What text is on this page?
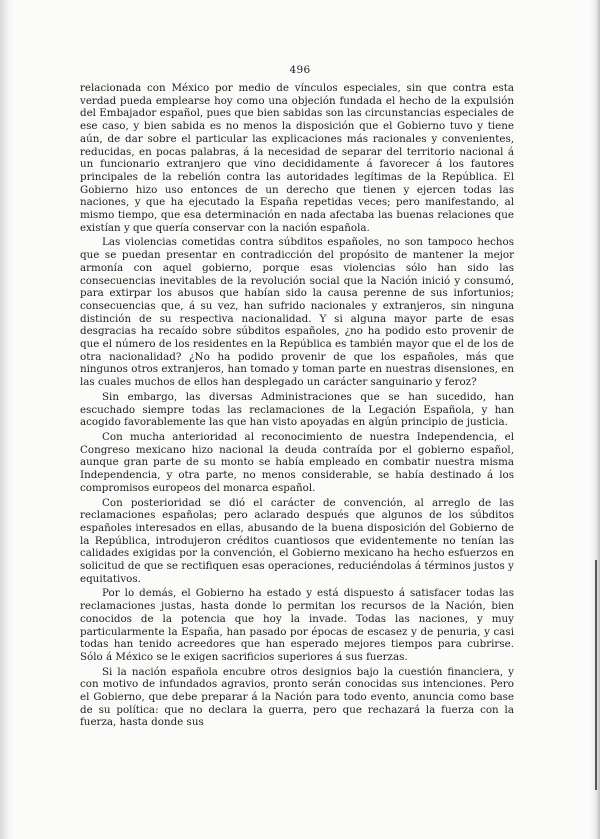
496

relacionada con México por medio de vínculos especiales, sin que contra esta verdad pueda emplearse hoy como una objeción fundada el hecho de la expulsión del Embajador español, pues que bien sabidas son las circunstancias especiales de ese caso, y bien sabida es no menos la disposición que el Gobierno tuvo y tiene aún, de dar sobre el particular las explicaciones más racionales y convenientes, reducidas, en pocas palabras, á la necesidad de separar del territorio nacional á un funcionario extranjero que vino decididamente á favorecer á los fautores principales de la rebelión contra las autoridades legítimas de la República. El Gobierno hizo uso entonces de un derecho que tienen y ejercen todas las naciones, y que ha ejecutado la España repetidas veces; pero manifestando, al mismo tiempo, que esa determinación en nada afectaba las buenas relaciones que existían y que quería conservar con la nación española.

Las violencias cometidas contra súbditos españoles, no son tampoco hechos que se puedan presentar en contradicción del propósito de mantener la mejor armonía con aquel gobierno, porque esas violencias sólo han sido las consecuencias inevitables de la revolución social que la Nación inició y consumó, para extirpar los abusos que habían sido la causa perenne de sus infortunios; consecuencias que, á su vez, han sufrido nacionales y extranjeros, sin ninguna distinción de su respectiva nacionalidad. Y si alguna mayor parte de esas desgracias ha recaído sobre súbditos españoles, ¿no ha podido esto provenir de que el número de los residentes en la República es también mayor que el de los de otra nacionalidad? ¿No ha podido provenir de que los españoles, más que ningunos otros extranjeros, han tomado y toman parte en nuestras disensiones, en las cuales muchos de ellos han desplegado un carácter sanguinario y feroz?

Sin embargo, las diversas Administraciones que se han sucedido, han escuchado siempre todas las reclamaciones de la Legación Española, y han acogido favorablemente las que han visto apoyadas en algún principio de justicia.

Con mucha anterioridad al reconocimiento de nuestra Independencia, el Congreso mexicano hizo nacional la deuda contraída por el gobierno español, aunque gran parte de su monto se había empleado en combatir nuestra misma Independencia, y otra parte, no menos considerable, se había destinado á los compromisos europeos del monarca español.

Con posterioridad se dió el carácter de convención, al arreglo de las reclamaciones españolas; pero aclarado después que algunos de los súbditos españoles interesados en ellas, abusando de la buena disposición del Gobierno de la República, introdujeron créditos cuantiosos que evidentemente no tenían las calidades exigidas por la convención, el Gobierno mexicano ha hecho esfuerzos en solicitud de que se rectifiquen esas operaciones, reduciéndolas á términos justos y equitativos.

Por lo demás, el Gobierno ha estado y está dispuesto á satisfacer todas las reclamaciones justas, hasta donde lo permitan los recursos de la Nación, bien conocidos de la potencia que hoy la invade. Todas las naciones, y muy particularmente la España, han pasado por épocas de escasez y de penuria, y casi todas han tenido acreedores que han esperado mejores tiempos para cubrirse. Sólo á México se le exigen sacrificios superiores á sus fuerzas.

Si la nación española encubre otros designios bajo la cuestión financiera, y con motivo de infundados agravios, pronto serán conocidas sus intenciones. Pero el Gobierno, que debe preparar á la Nación para todo evento, anuncia como base de su política: que no declara la guerra, pero que rechazará la fuerza con la fuerza, hasta donde sus
